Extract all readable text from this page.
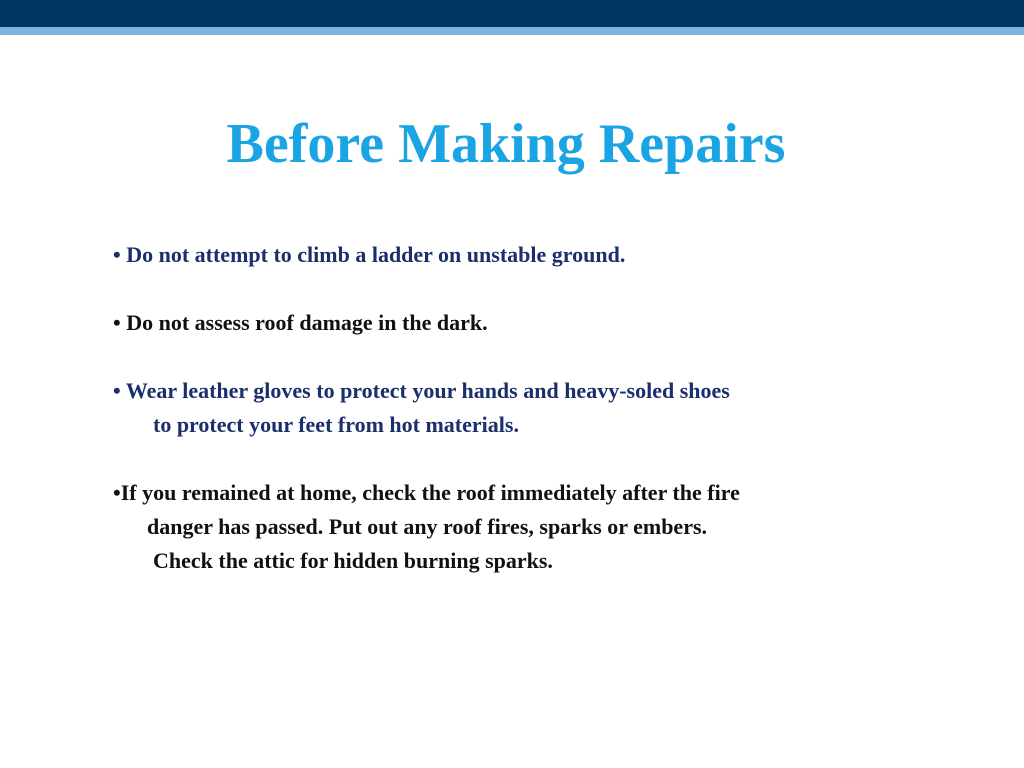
Before Making Repairs
• Do not attempt to climb a ladder on unstable ground.
• Do not assess roof damage in the dark.
• Wear leather gloves to protect your hands and heavy-soled shoes
to protect your feet from hot materials.
•If you remained at home, check the roof immediately after the fire
danger has passed. Put out any roof fires, sparks or embers.
Check the attic for hidden burning sparks.
